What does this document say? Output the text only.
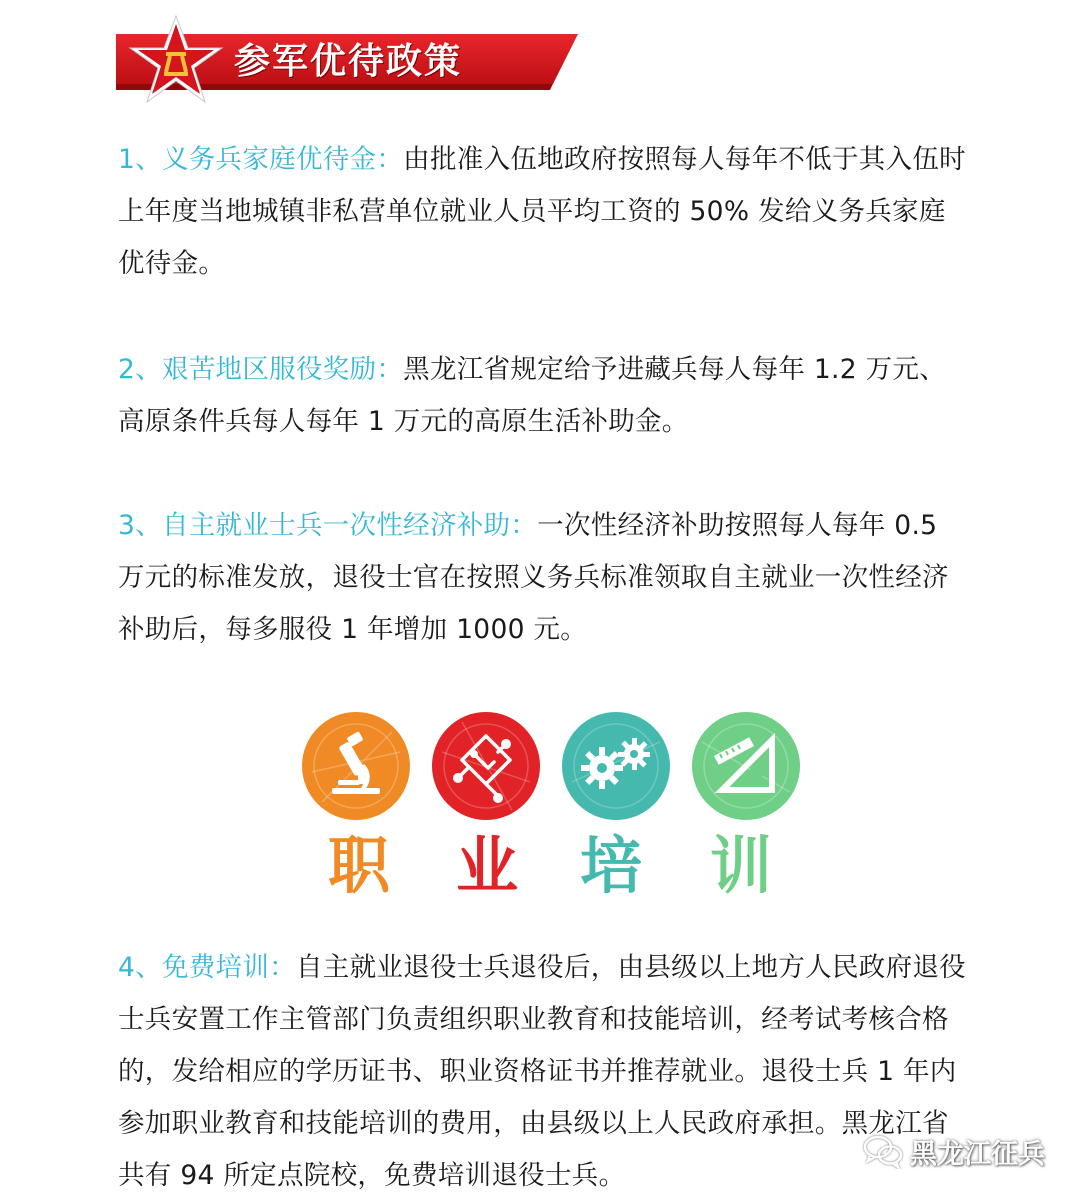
参军优待政策

1、义务兵家庭优待金：由批准入伍地政府按照每人每年不低于其入伍时上年度当地城镇非私营单位就业人员平均工资的 50% 发给义务兵家庭优待金。

2、艰苦地区服役奖励：黑龙江省规定给予进藏兵每人每年 1.2 万元、高原条件兵每人每年 1 万元的高原生活补助金。

3、自主就业士兵一次性经济补助：一次性经济补助按照每人每年 0.5 万元的标准发放，退役士官在按照义务兵标准领取自主就业一次性经济补助后，每多服役 1 年增加 1000 元。

职	业 培	训

4、免费培训：自主就业退役士兵退役后，由县级以上地方人民政府退役士兵安置工作主管部门负责组织职业教育和技能培训，经考试考核合格的，发给相应的学历证书、职业资格证书并推荐就业。退役士兵 1 年内参加职业教育和技能培训的费用，由县级以上人民政府承担。黑龙江省共有 94 所定点院校，免费培训退役士兵。

黑龙江征兵
